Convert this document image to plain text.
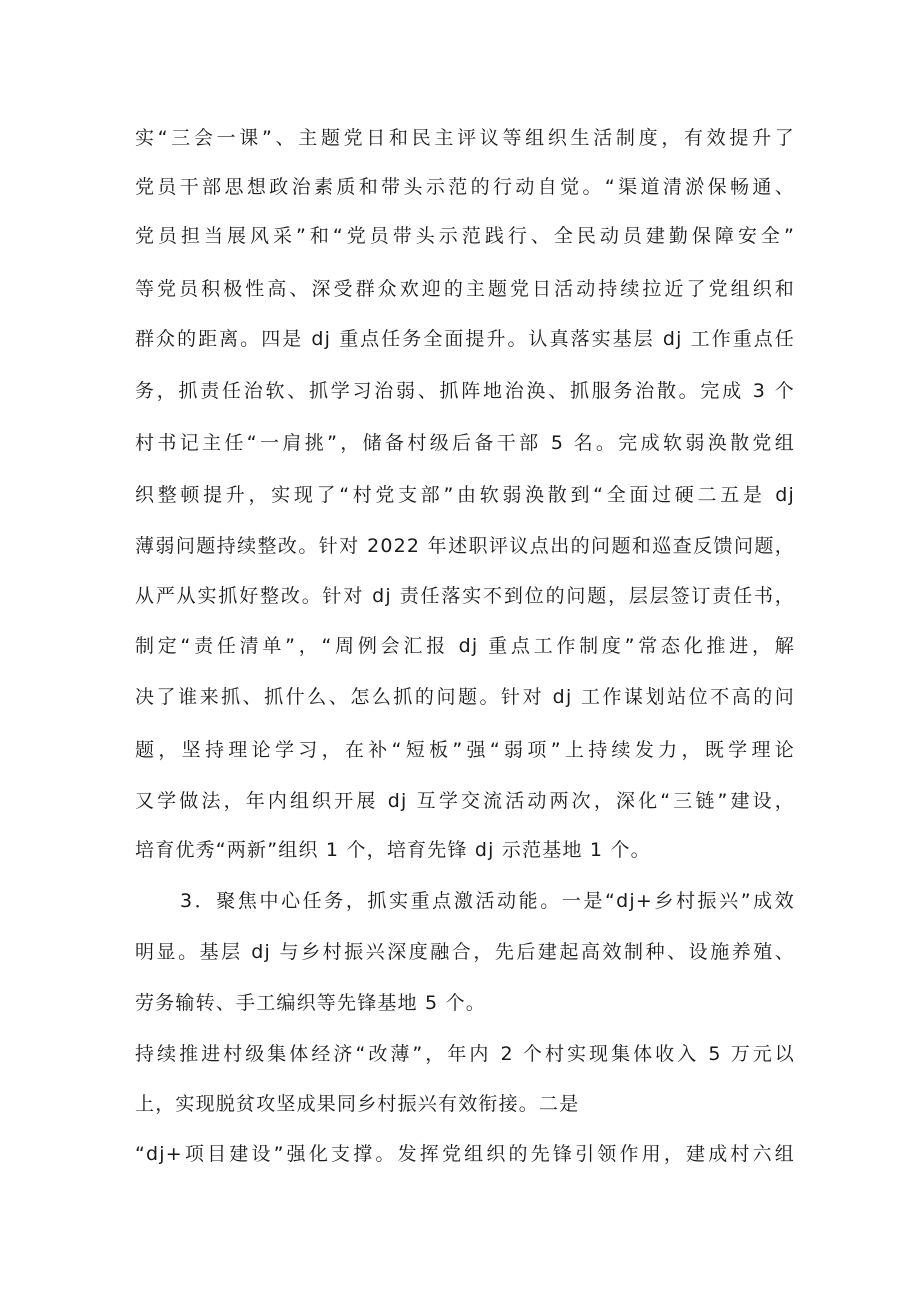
实“三会一课”、主题党日和民主评议等组织生活制度，有效提升了
党员干部思想政治素质和带头示范的行动自觉。“渠道清淤保畅通、
党员担当展风采”和“党员带头示范践行、全民动员建勤保障安全”
等党员积极性高、深受群众欢迎的主题党日活动持续拉近了党组织和
群众的距离。四是 dj 重点任务全面提升。认真落实基层 dj 工作重点任
务，抓责任治软、抓学习治弱、抓阵地治涣、抓服务治散。完成 3 个
村书记主任“一肩挑”，储备村级后备干部 5 名。完成软弱涣散党组
织整顿提升，实现了“村党支部”由软弱涣散到“全面过硬二五是 dj
薄弱问题持续整改。针对 2022 年述职评议点出的问题和巡查反馈问题，
从严从实抓好整改。针对 dj 责任落实不到位的问题，层层签订责任书，
制定“责任清单”，“周例会汇报 dj 重点工作制度”常态化推进，解
决了谁来抓、抓什么、怎么抓的问题。针对 dj 工作谋划站位不高的问
题，坚持理论学习，在补“短板”强“弱项”上持续发力，既学理论
又学做法，年内组织开展 dj 互学交流活动两次，深化“三链”建设，
培育优秀“两新”组织 1 个，培育先锋 dj 示范基地 1 个。
3．聚焦中心任务，抓实重点激活动能。一是“dj+乡村振兴”成效
明显。基层 dj 与乡村振兴深度融合，先后建起高效制种、设施养殖、
劳务输转、手工编织等先锋基地 5 个。
持续推进村级集体经济“改薄”，年内 2 个村实现集体收入 5 万元以
上，实现脱贫攻坚成果同乡村振兴有效衔接。二是
“dj+项目建设”强化支撑。发挥党组织的先锋引领作用，建成村六组
